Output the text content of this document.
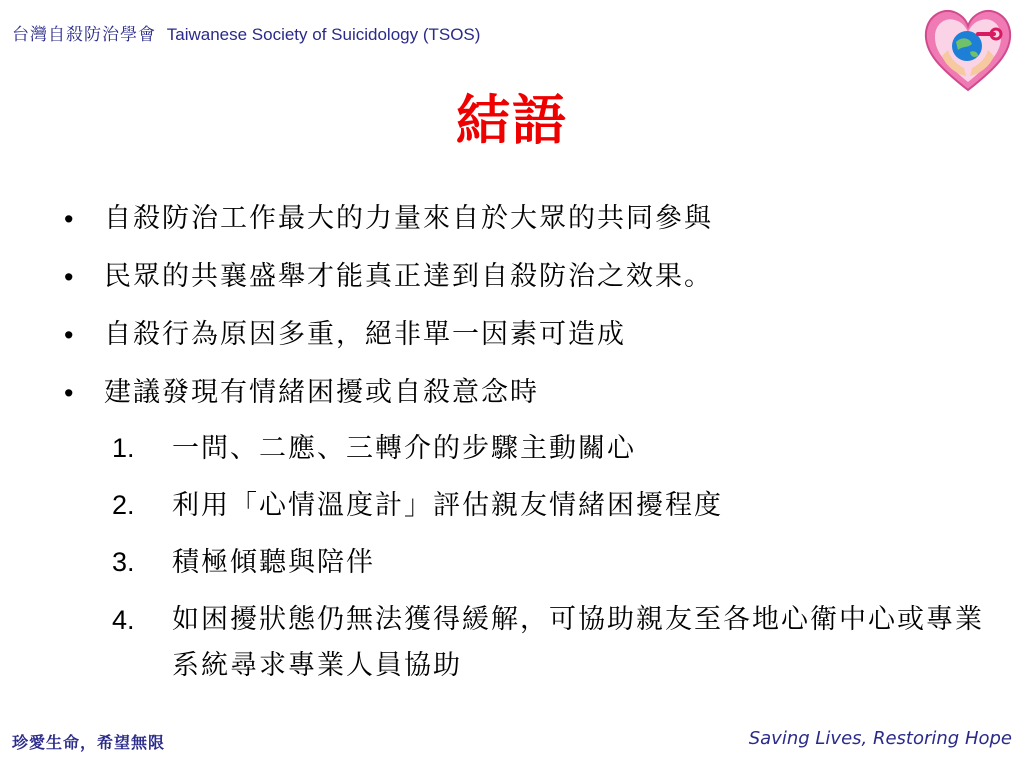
台灣自殺防治學會 Taiwanese Society of Suicidology (TSOS)
結語
• 自殺防治工作最大的力量來自於大眾的共同參與
• 民眾的共襄盛舉才能真正達到自殺防治之效果。
• 自殺行為原因多重，絕非單一因素可造成
• 建議發現有情緒困擾或自殺意念時
1. 一問、二應、三轉介的步驟主動關心
2. 利用「心情溫度計」評估親友情緒困擾程度
3. 積極傾聽與陪伴
4. 如困擾狀態仍無法獲得緩解，可協助親友至各地心衛中心或專業系統尋求專業人員協助
珍愛生命，希望無限	Saving Lives, Restoring Hope
